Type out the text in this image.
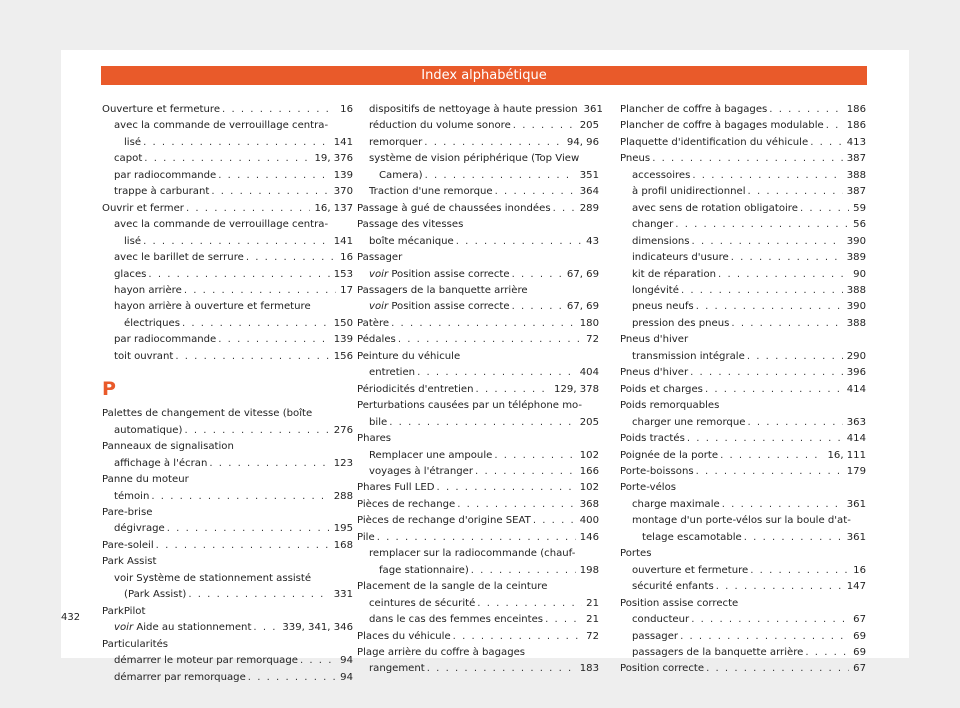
Index alphabétique
Ouverture et fermeture . . .	16
avec la commande de verrouillage centra-
lisé . . .	141
capot . . .	19, 376
par radiocommande . . .	139
trappe à carburant . . .	370
Ouvrir et fermer . . .	16, 137
avec la commande de verrouillage centra-
lisé . . .	141
avec le barillet de serrure . . .	16
glaces . . .	153
hayon arrière . . .	17
hayon arrière à ouverture et fermeture
électriques . . .	150
par radiocommande . . .	139
toit ouvrant . . .	156
P
Palettes de changement de vitesse (boîte
automatique) . . .	276
Panneaux de signalisation
affichage à l'écran . . .	123
Panne du moteur
témoin . . .	288
Pare-brise
dégivrage . . .	195
Pare-soleil . . .	168
Park Assist
voir Système de stationnement assisté
(Park Assist) . . .	331
ParkPilot
voir Aide au stationnement . . .	339, 341, 346
Particularités
démarrer le moteur par remorquage . . .	94
démarrer par remorquage . . .	94
dispositifs de nettoyage à haute pression 361
réduction du volume sonore . . .	205
remorquer . . .	94, 96
système de vision périphérique (Top View
Camera) . . .	351
Traction d'une remorque . . .	364
Passage à gué de chaussées inondées . . .	289
Passage des vitesses
boîte mécanique . . .	43
Passager
voir Position assise correcte . . .	67, 69
Passagers de la banquette arrière
voir Position assise correcte . . .	67, 69
Patère . . .	180
Pédales . . .	72
Peinture du véhicule
entretien . . .	404
Périodicités d'entretien . . .	129, 378
Perturbations causées par un téléphone mo-
bile . . .	205
Phares
Remplacer une ampoule . . .	102
voyages à l'étranger . . .	166
Phares Full LED . . .	102
Pièces de rechange . . .	368
Pièces de rechange d'origine SEAT . . .	400
Pile . . .	146
remplacer sur la radiocommande (chauf-
fage stationnaire) . . .	198
Placement de la sangle de la ceinture
ceintures de sécurité . . .	21
dans le cas des femmes enceintes . . .	21
Places du véhicule . . .	72
Plage arrière du coffre à bagages
rangement . . .	183
Plancher de coffre à bagages . . .	186
Plancher de coffre à bagages modulable . . . 186
Plaquette d'identification du véhicule . . .	413
Pneus . . .	387
accessoires . . .	388
à profil unidirectionnel . . .	387
avec sens de rotation obligatoire . . .	59
changer . . .	56
dimensions . . .	390
indicateurs d'usure . . .	389
kit de réparation . . .	90
longévité . . .	388
pneus neufs . . .	390
pression des pneus . . .	388
Pneus d'hiver
transmission intégrale . . .	290
Pneus d'hiver . . .	396
Poids et charges . . .	414
Poids remorquables
charger une remorque . . .	363
Poids tractés . . .	414
Poignée de la porte . . .	16, 111
Porte-boissons . . .	179
Porte-vélos
charge maximale . . .	361
montage d'un porte-vélos sur la boule d'at-
telage escamotable . . .	361
Portes
ouverture et fermeture . . .	16
sécurité enfants . . .	147
Position assise correcte
conducteur . . .	67
passager . . .	69
passagers de la banquette arrière . . .	69
Position correcte . . .	67
432
